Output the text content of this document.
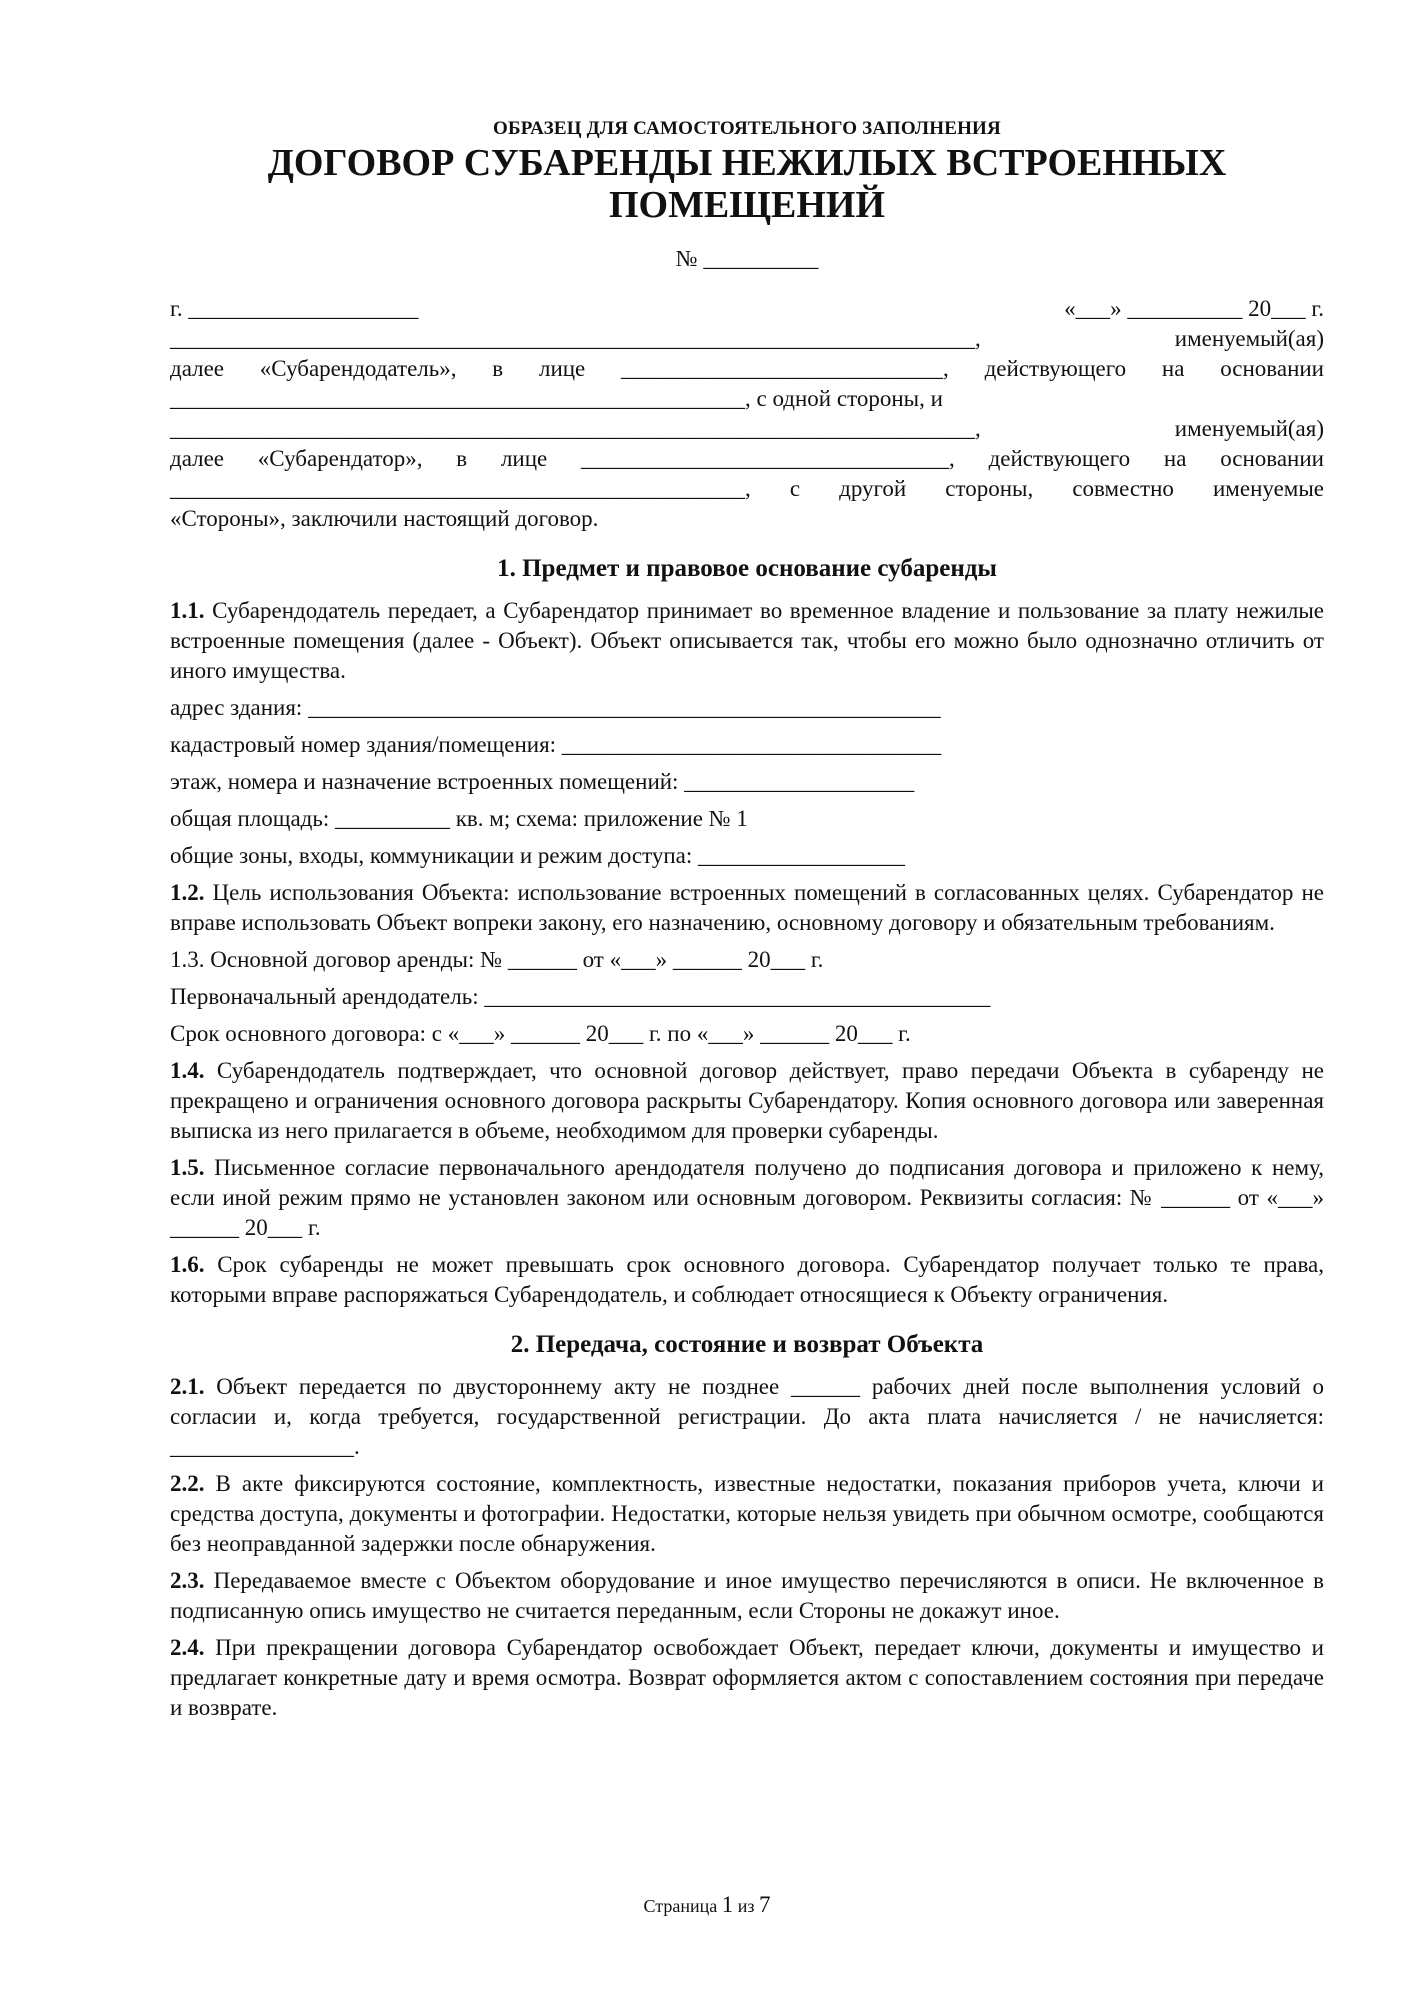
ОБРАЗЕЦ ДЛЯ САМОСТОЯТЕЛЬНОГО ЗАПОЛНЕНИЯ

ДОГОВОР СУБАРЕНДЫ НЕЖИЛЫХ ВСТРОЕННЫХ
ПОМЕЩЕНИЙ

№ __________

г. ____________________	«___» __________ 20___ г.
______________________________________________________________________,	именуемый(ая)
далее «Субарендодатель», в лице ____________________________, действующего на основании

__________________________________________________, с одной стороны, и

______________________________________________________________________,	именуемый(ая)
далее «Субарендатор», в лице ________________________________, действующего на основании
__________________________________________________, с другой стороны, совместно именуемые

«Стороны», заключили настоящий договор.

1. Предмет и правовое основание субаренды

1.1. Субарендодатель передает, а Субарендатор принимает во временное владение и пользование за плату нежилые встроенные помещения (далее - Объект). Объект описывается так, чтобы его можно было однозначно отличить от иного имущества.

адрес здания: _______________________________________________________

кадастровый номер здания/помещения: _________________________________

этаж, номера и назначение встроенных помещений: ____________________

общая площадь: __________ кв. м; схема: приложение № 1

общие зоны, входы, коммуникации и режим доступа: __________________

1.2. Цель использования Объекта: использование встроенных помещений в согласованных целях. Субарендатор не вправе использовать Объект вопреки закону, его назначению, основному договору и обязательным требованиям.

1.3. Основной договор аренды: № ______ от «___» ______ 20___ г.

Первоначальный арендодатель: ____________________________________________

Срок основного договора: с «___» ______ 20___ г. по «___» ______ 20___ г.

1.4. Субарендодатель подтверждает, что основной договор действует, право передачи Объекта в субаренду не прекращено и ограничения основного договора раскрыты Субарендатору. Копия основного договора или заверенная выписка из него прилагается в объеме, необходимом для проверки субаренды.

1.5. Письменное согласие первоначального арендодателя получено до подписания договора и приложено к нему, если иной режим прямо не установлен законом или основным договором. Реквизиты согласия: № ______ от «___» ______ 20___ г.

1.6. Срок субаренды не может превышать срок основного договора. Субарендатор получает только те права, которыми вправе распоряжаться Субарендодатель, и соблюдает относящиеся к Объекту ограничения.

2. Передача, состояние и возврат Объекта

2.1. Объект передается по двустороннему акту не позднее ______ рабочих дней после выполнения условий о согласии и, когда требуется, государственной регистрации. До акта плата начисляется / не начисляется: ________________.

2.2. В акте фиксируются состояние, комплектность, известные недостатки, показания приборов учета, ключи и средства доступа, документы и фотографии. Недостатки, которые нельзя увидеть при обычном осмотре, сообщаются без неоправданной задержки после обнаружения.

2.3. Передаваемое вместе с Объектом оборудование и иное имущество перечисляются в описи. Не включенное в подписанную опись имущество не считается переданным, если Стороны не докажут иное.

2.4. При прекращении договора Субарендатор освобождает Объект, передает ключи, документы и имущество и предлагает конкретные дату и время осмотра. Возврат оформляется актом с сопоставлением состояния при передаче и возврате.

Страница 1 из 7
